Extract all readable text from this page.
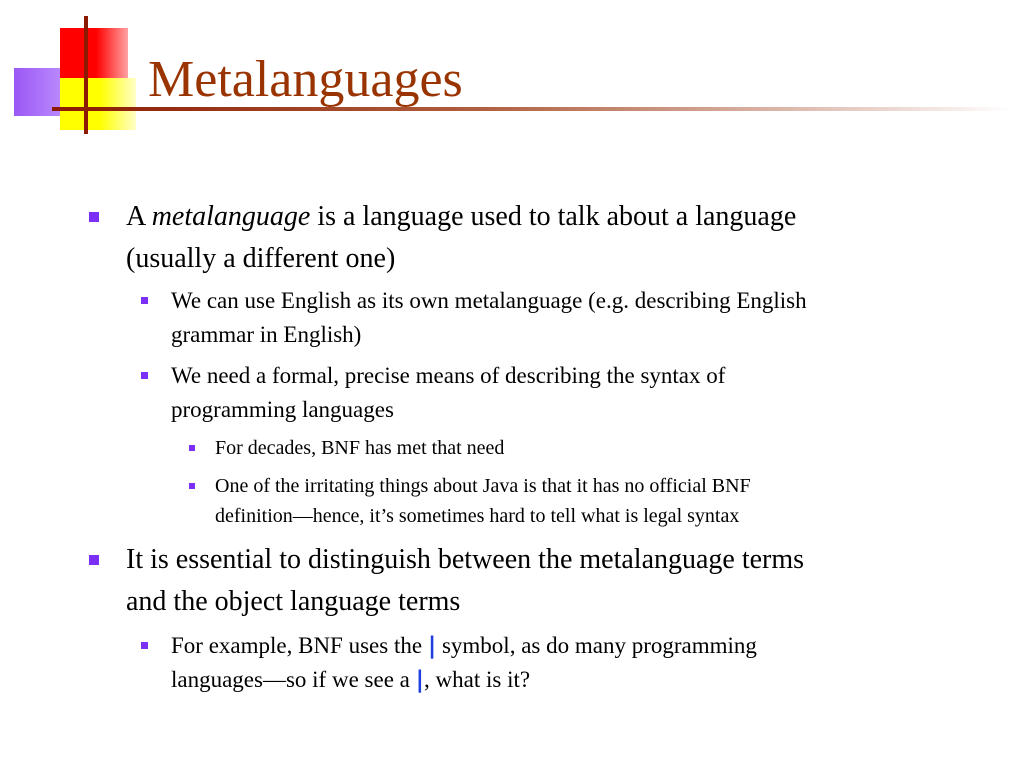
Metalanguages
A metalanguage is a language used to talk about a language
(usually a different one)
We can use English as its own metalanguage (e.g. describing English
grammar in English)
We need a formal, precise means of describing the syntax of
programming languages
For decades, BNF has met that need
One of the irritating things about Java is that it has no official BNF
definition—hence, it’s sometimes hard to tell what is legal syntax
It is essential to distinguish between the metalanguage terms
and the object language terms
For example, BNF uses the | symbol, as do many programming
languages—so if we see a |, what is it?
